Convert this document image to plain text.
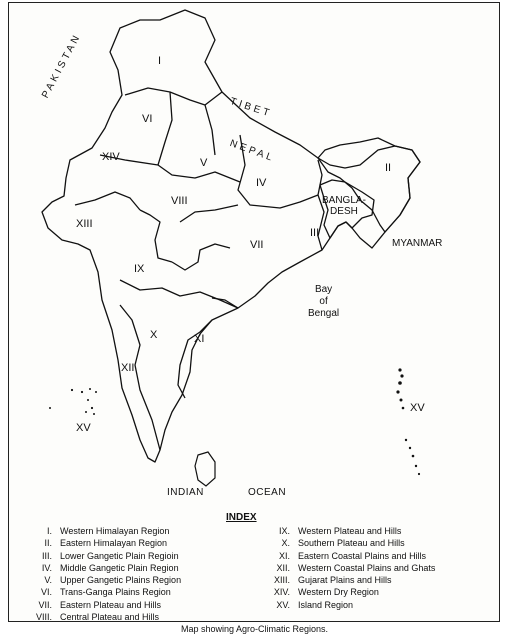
PAKISTAN
TIBET
NEPAL
BANGLA-
DESH
MYANMAR
Bay
of
Bengal
INDIAN	OCEAN
I
II
III
IV
V
VI
VII
VIII
IX
X	XI
XII
XIII
XIV
XV
XV
INDEX
I. Western Himalayan Region
II. Eastern Himalayan Region
III. Lower Gangetic Plain Regioin
IV. Middle Gangetic Plain Region
V. Upper Gangetic Plains Region
VI. Trans-Ganga Plains Region
VII. Eastern Plateau and Hills
VIII. Central Plateau and Hills
IX. Western Plateau and Hills
X. Southern Plateau and Hills
XI. Eastern Coastal Plains and Hills
XII. Western Coastal Plains and Ghats
XIII. Gujarat Plains and Hills
XIV. Western Dry Region
XV. Island Region
Map showing Agro-Climatic Regions.
